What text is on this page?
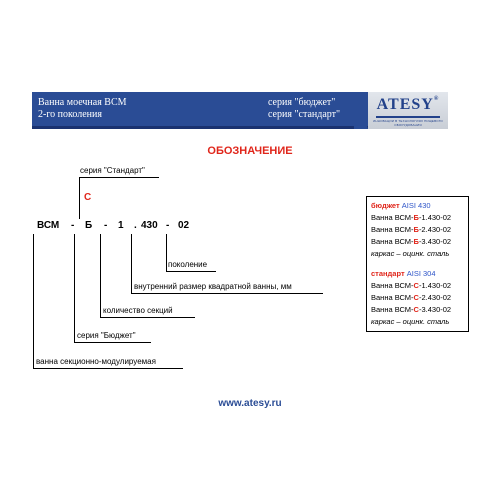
Ванна моечная ВСМ
2-го поколения
серия "бюджет"
серия "стандарт"
ATESY®
ИННОВАЦИИ В ТЕХНОЛОГИЯХ ПИЩЕВОГО ОБОРУДОВАНИЯ
ОБОЗНАЧЕНИЕ
серия "Стандарт"
С
ВСМ - Б - 1 . 430 - 02
поколение
внутренний размер квадратной ванны, мм
количество секций
серия "Бюджет"
ванна секционно-модулируемая
бюджет AISI 430
Ванна ВСМ-Б-1.430-02
Ванна ВСМ-Б-2.430-02
Ванна ВСМ-Б-3.430-02
каркас – оцинк. сталь
стандарт AISI 304
Ванна ВСМ-С-1.430-02
Ванна ВСМ-С-2.430-02
Ванна ВСМ-С-3.430-02
каркас – оцинк. сталь
www.atesy.ru
